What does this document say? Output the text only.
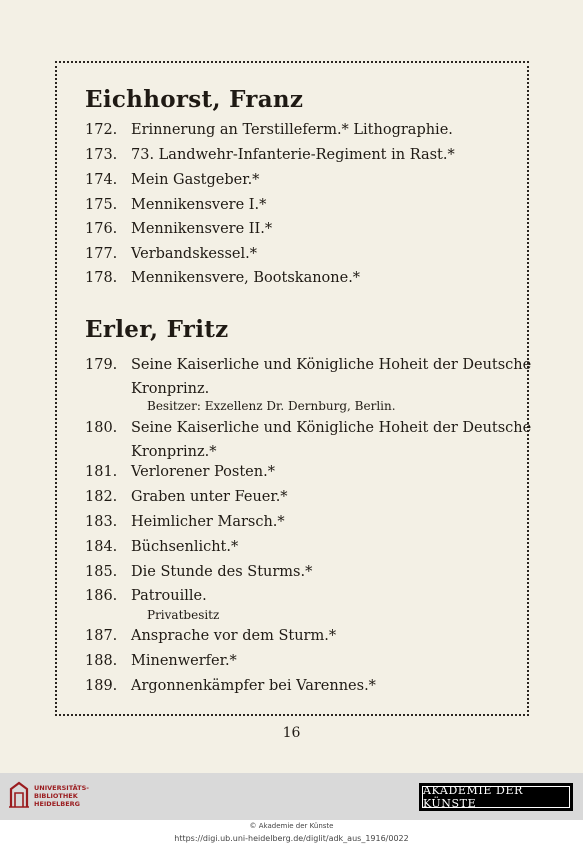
Eichhorst, Franz
172. Erinnerung an Terstilleferm.* Lithographie.
173. 73. Landwehr-Infanterie-Regiment in Rast.*
174. Mein Gastgeber.*
175. Mennikensvere I.*
176. Mennikensvere II.*
177. Verbandskessel.*
178. Mennikensvere, Bootskanone.*
Erler, Fritz
179. Seine Kaiserliche und Königliche Hoheit der Deutsche
Kronprinz.
Besitzer: Exzellenz Dr. Dernburg, Berlin.
180. Seine Kaiserliche und Königliche Hoheit der Deutsche
Kronprinz.*
181. Verlorener Posten.*
182. Graben unter Feuer.*
183. Heimlicher Marsch.*
184. Büchsenlicht.*
185. Die Stunde des Sturms.*
186. Patrouille.
Privatbesitz
187. Ansprache vor dem Sturm.*
188. Minenwerfer.*
189. Argonnenkämpfer bei Varennes.*
16
UNIVERSITÄTS-
BIBLIOTHEK
HEIDELBERG
AKADEMIE DER KÜNSTE
© Akademie der Künste
https://digi.ub.uni-heidelberg.de/diglit/adk_aus_1916/0022
